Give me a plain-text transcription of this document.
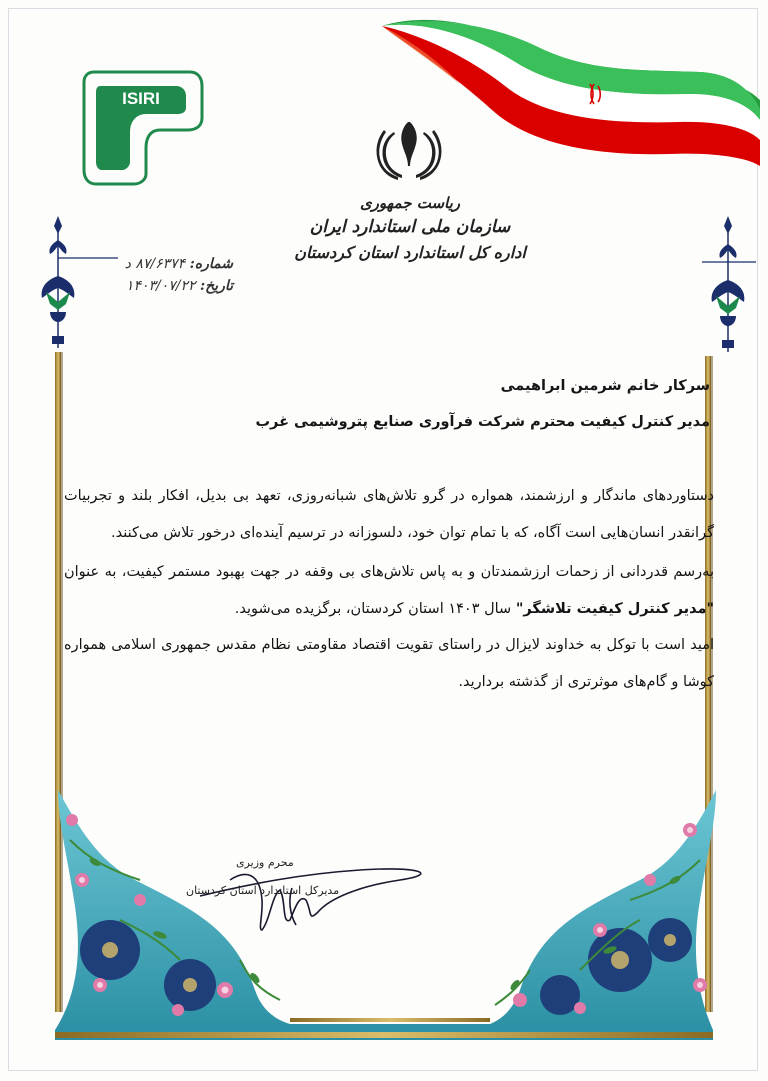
ISIRI
ریاست جمهوری
سازمان ملی استاندارد ایران
اداره کل استاندارد استان کردستان
شماره: ۸۷/۶۳۷۴ د
تاریخ: ۱۴۰۳/۰۷/۲۲
سرکار خانم شرمین ابراهیمی
مدیر کنترل کیفیت محترم شرکت فرآوری صنایع پتروشیمی غرب

دستاوردهای ماندگار و ارزشمند، همواره در گرو تلاش‌های شبانه‌روزی، تعهد بی بدیل، افکار بلند و تجربیات گرانقدر انسان‌هایی است آگاه، که با تمام توان خود، دلسوزانه در ترسیم آینده‌ای درخور تلاش می‌کنند.

به‌رسم قدردانی از زحمات ارزشمندتان و به پاس تلاش‌های بی وقفه در جهت بهبود مستمر کیفیت، به عنوان "مدیر کنترل کیفیت تلاشگر" سال ۱۴۰۳ استان کردستان، برگزیده می‌شوید.

امید است با توکل به خداوند لایزال در راستای تقویت اقتصاد مقاومتی نظام مقدس جمهوری اسلامی همواره کوشا و گام‌های موثرتری از گذشته بردارید.

محرم وزیری
مدیرکل استاندارد استان کردستان
